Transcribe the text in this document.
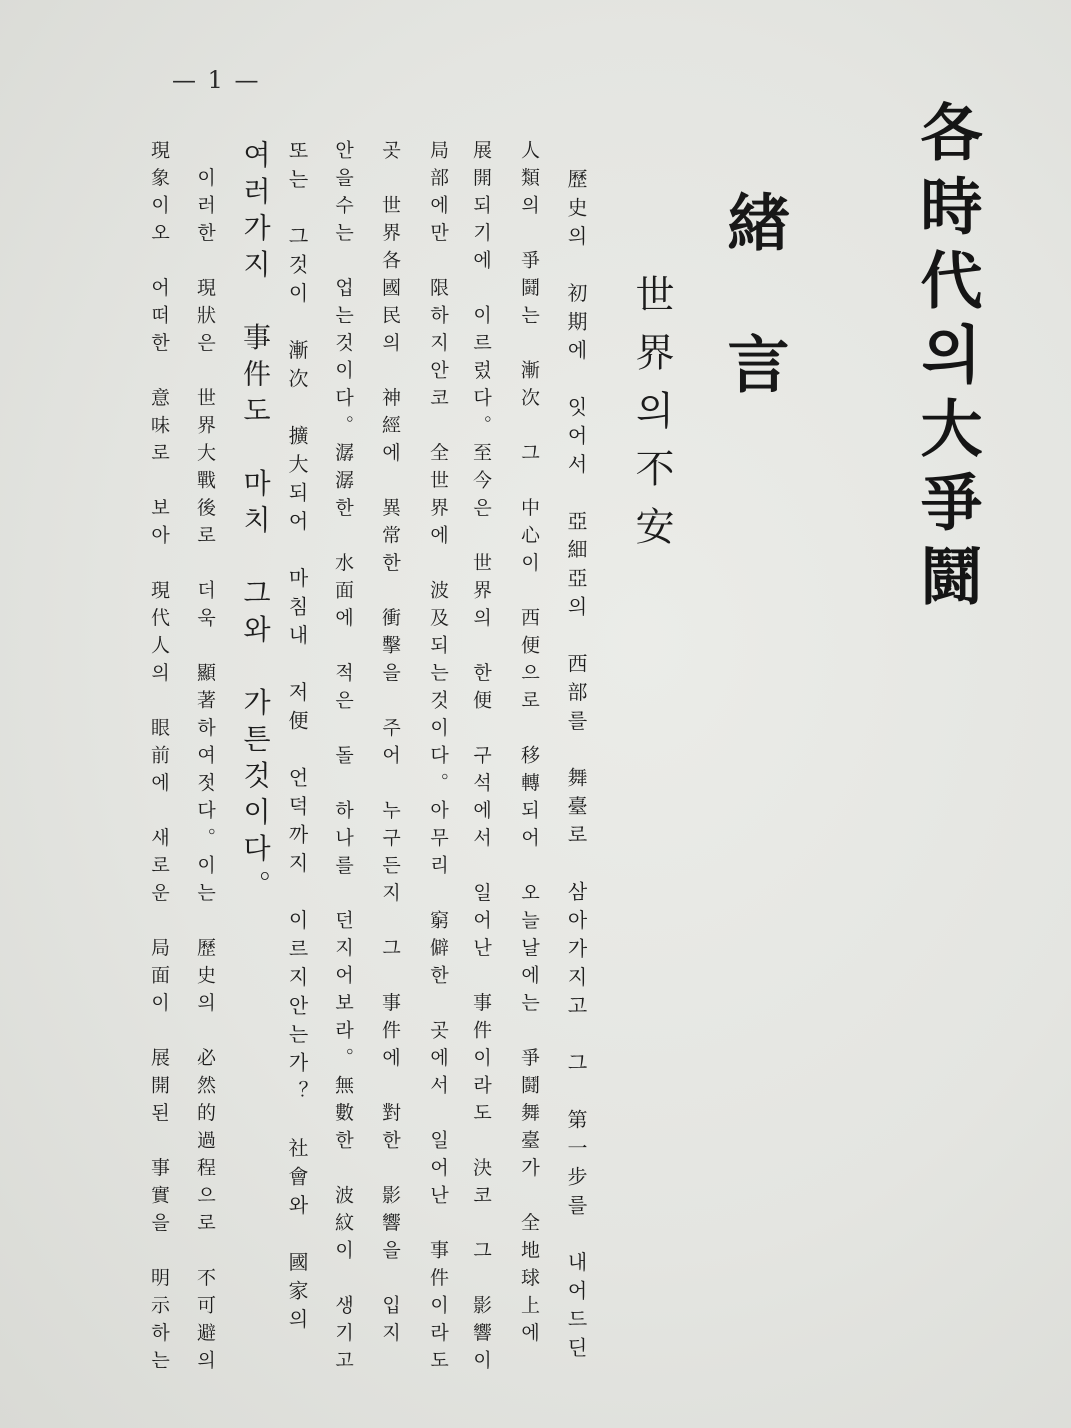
— 1 —
各時代의大爭鬪
緖言
世界의不安
　歷史의　初期에　잇어서　亞細亞의　西部를　舞臺로　삼아가지고　그　第一步를　내어드딘
人類의　爭鬪는　漸次　그　中心이　西便으로　移轉되어　오늘날에는　爭鬪舞臺가　全地球上에
展開되기에　이르렀다。至今은　世界의　한便　구석에서　일어난　事件이라도　決코　그　影響이
局部에만　限하지안코　全世界에　波及되는것이다。아무리　窮僻한　곳에서　일어난　事件이라도
곳　世界各國民의　神經에　異常한　衝擊을　주어　누구든지　그　事件에　對한　影響을　입지
안을수는　업는것이다。潺潺한　水面에　적은　돌　하나를　던지어보라。無數한　波紋이　생기고
또는　그것이　漸次　擴大되어　마침내　저便　언덕까지　이르지안는가？　社會와　國家의
여러가지　事件도　마치　그와　가튼것이다。
　이러한　現狀은　世界大戰後로　더욱　顯著하여젓다。이는　歷史의　必然的過程으로　不可避의
現象이오　어떠한　意味로　보아　現代人의　眼前에　새로운　局面이　展開된　事實을　明示하는
